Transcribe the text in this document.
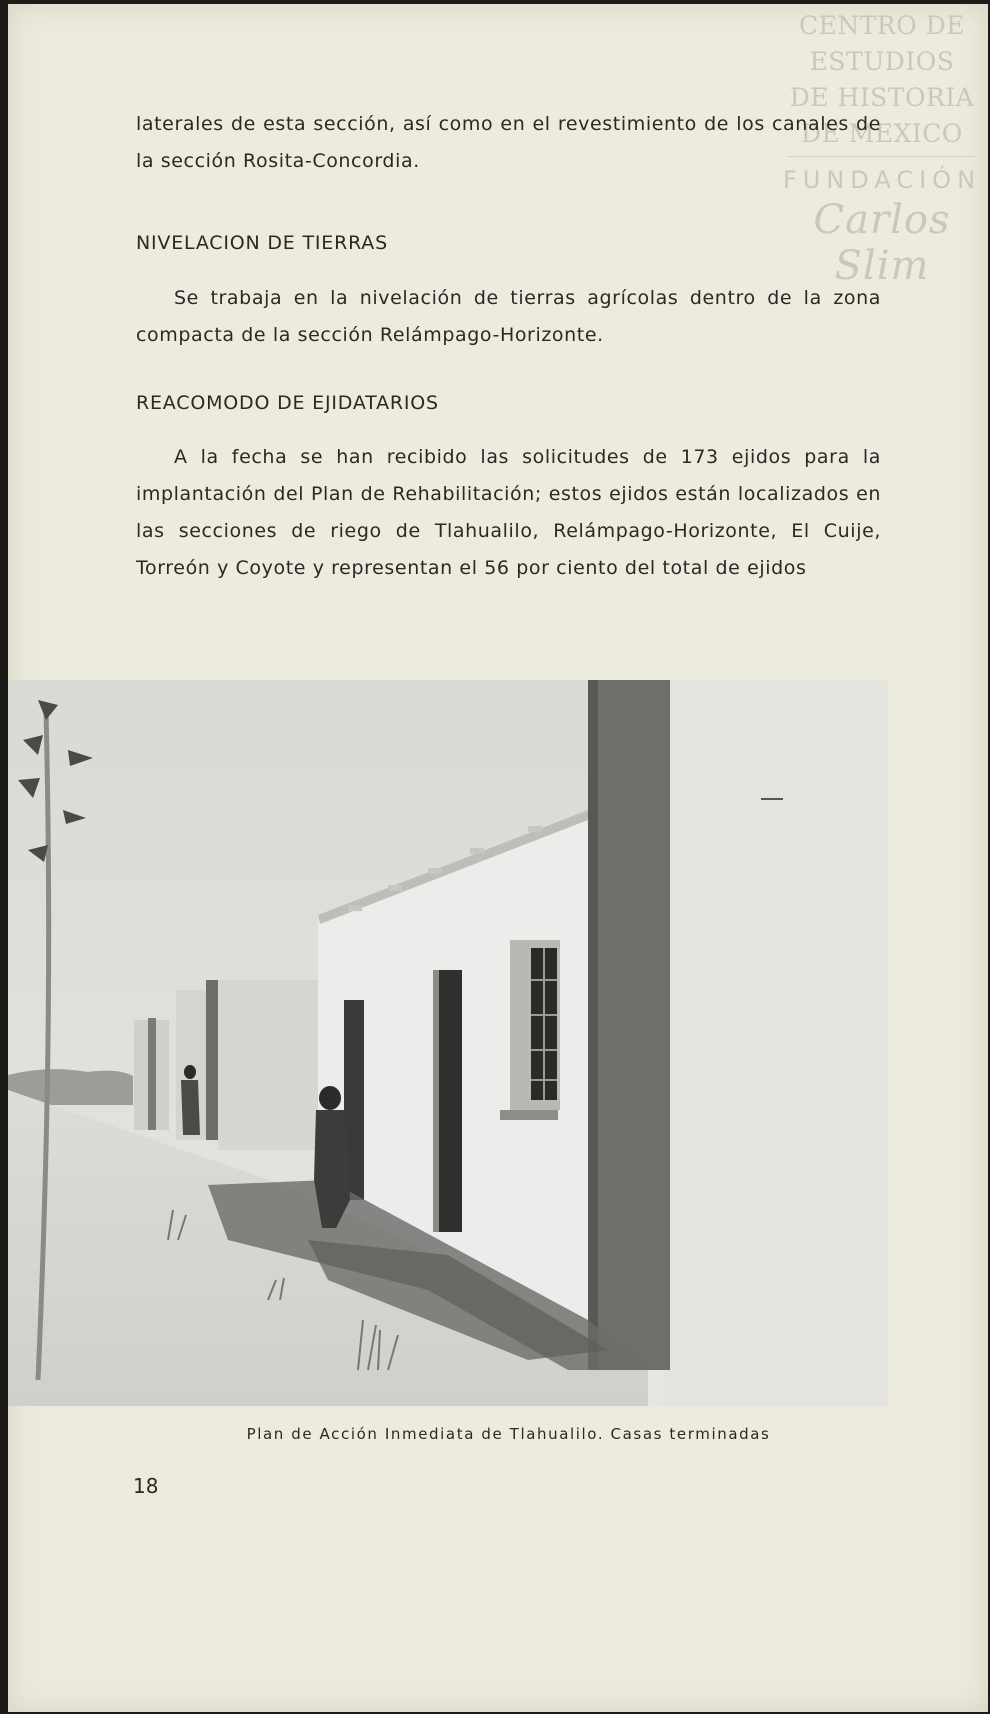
CENTRO DE
ESTUDIOS
DE HISTORIA
DE MEXICO
FUNDACIÓN
Carlos Slim

laterales de esta sección, así como en el revestimiento de los canales de la sección Rosita-Concordia.

NIVELACION DE TIERRAS

Se trabaja en la nivelación de tierras agrícolas dentro de la zona compacta de la sección Relámpago-Horizonte.

REACOMODO DE EJIDATARIOS

A la fecha se han recibido las solicitudes de 173 ejidos para la implantación del Plan de Rehabilitación; estos ejidos están localizados en las secciones de riego de Tlahualilo, Relámpago-Horizonte, El Cuije, Torreón y Coyote y representan el 56 por ciento del total de ejidos

Plan de Acción Inmediata de Tlahualilo. Casas terminadas
18
